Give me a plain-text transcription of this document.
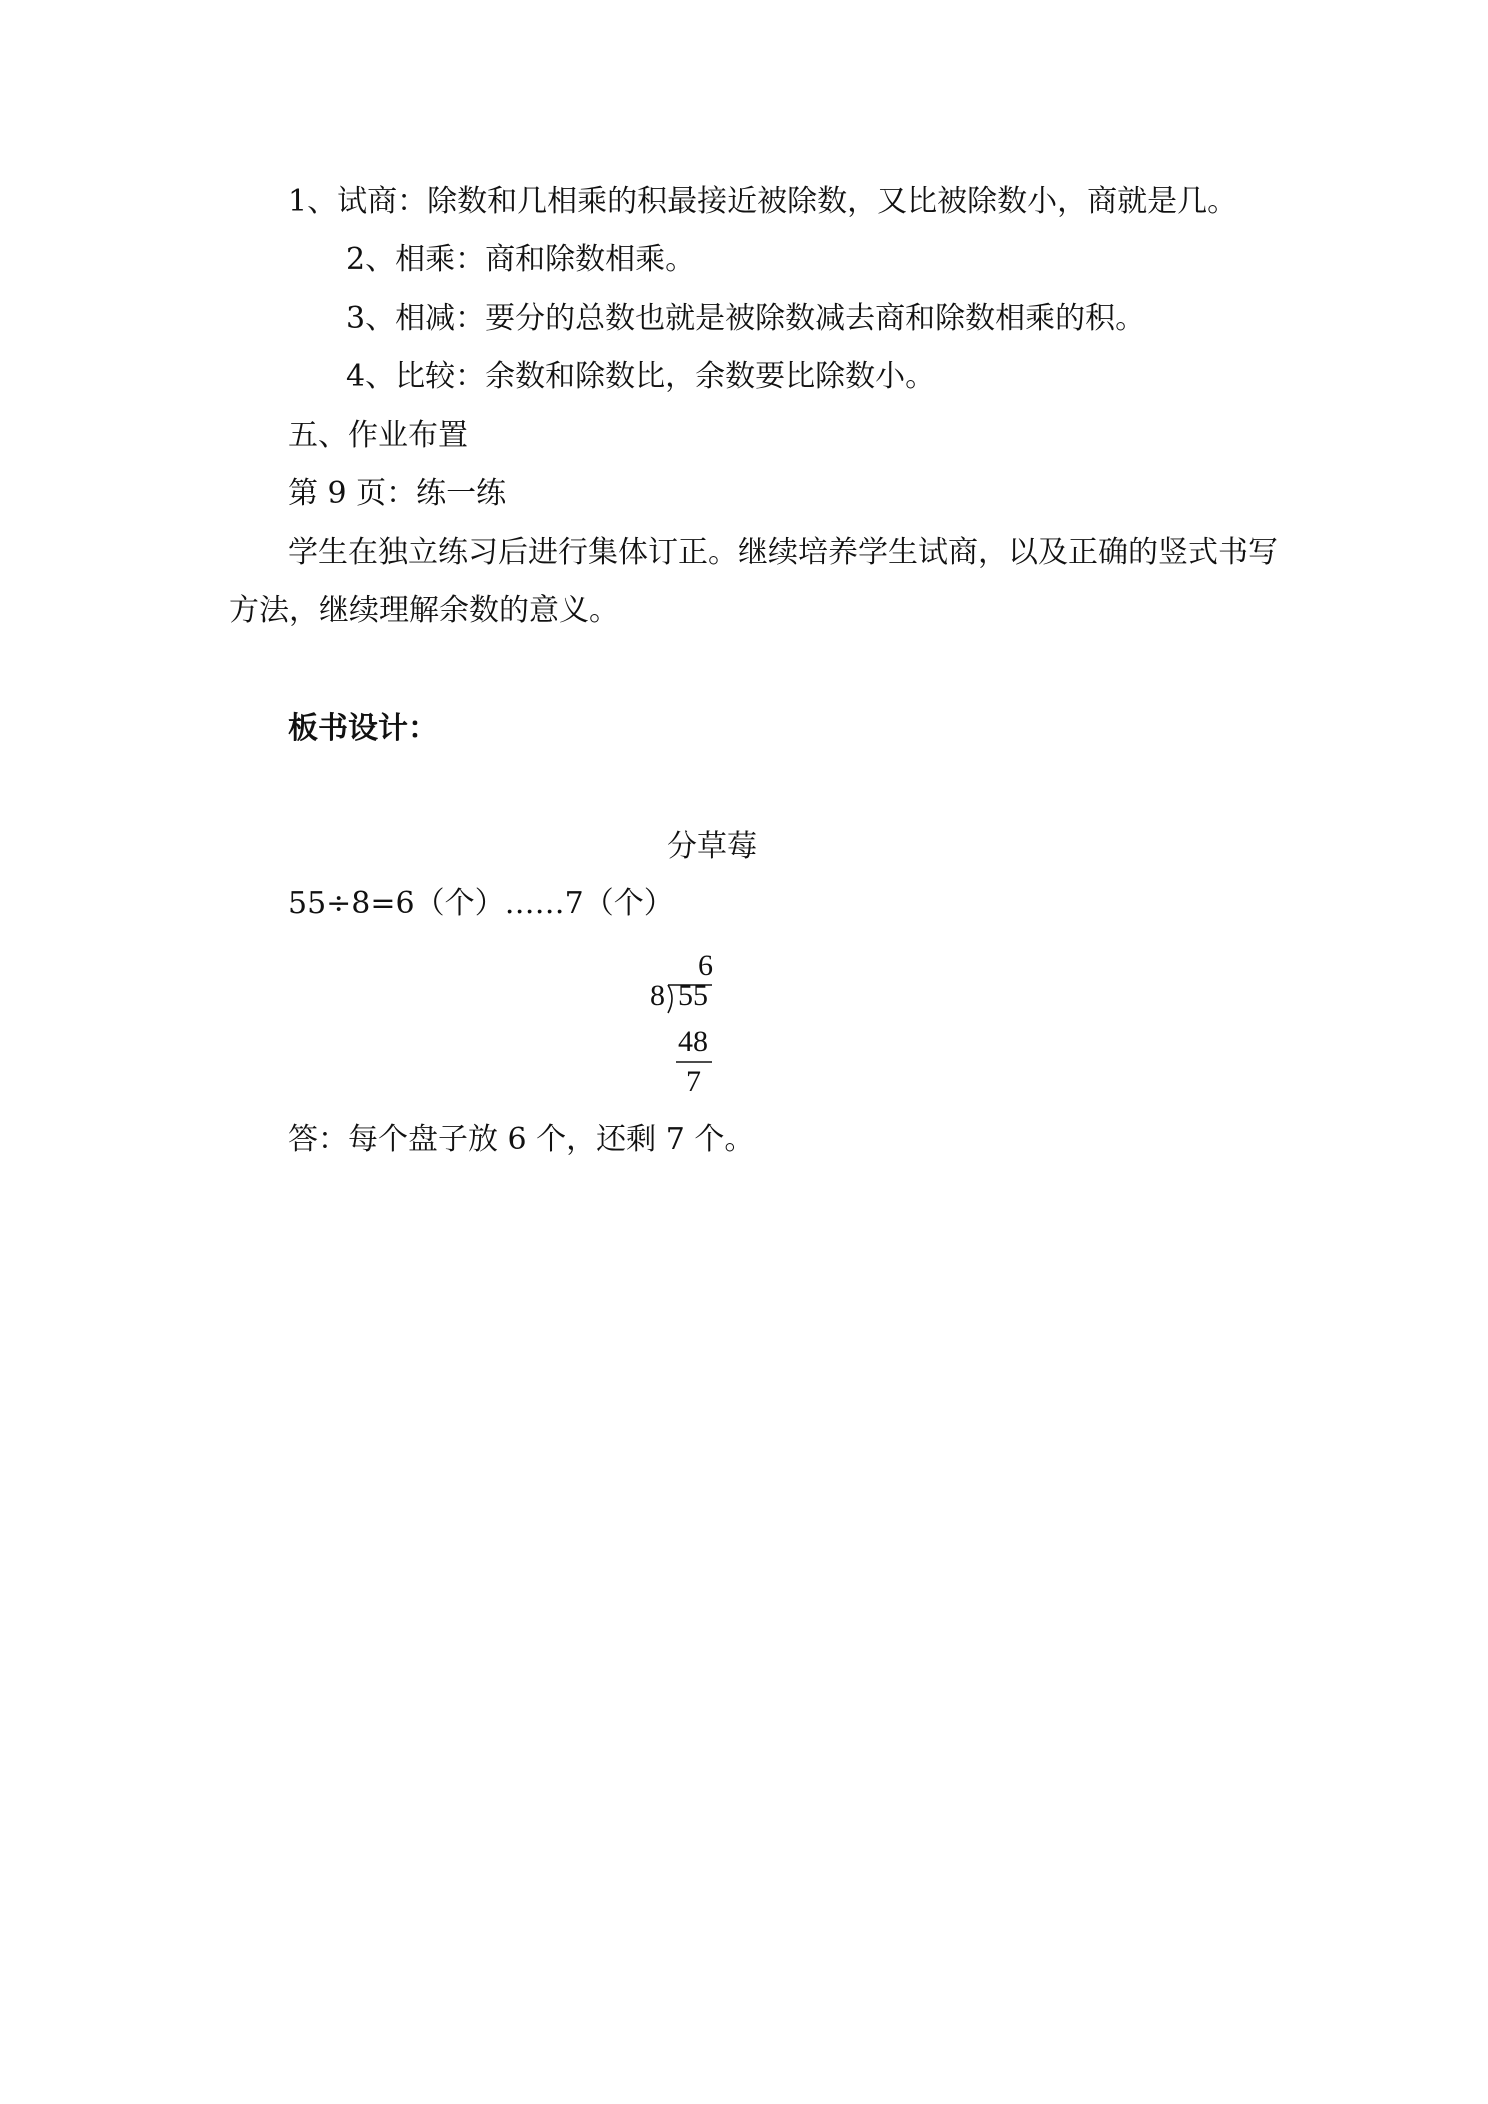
1、试商：除数和几相乘的积最接近被除数，又比被除数小，商就是几。
2、相乘：商和除数相乘。
3、相减：要分的总数也就是被除数减去商和除数相乘的积。
4、比较：余数和除数比，余数要比除数小。
五、作业布置
第 9 页：练一练
学生在独立练习后进行集体订正。继续培养学生试商，以及正确的竖式书写
方法，继续理解余数的意义。
板书设计：
分草莓
55÷8=6（个）……7（个）
6
8 55
48
7
答：每个盘子放 6 个，还剩 7 个。
